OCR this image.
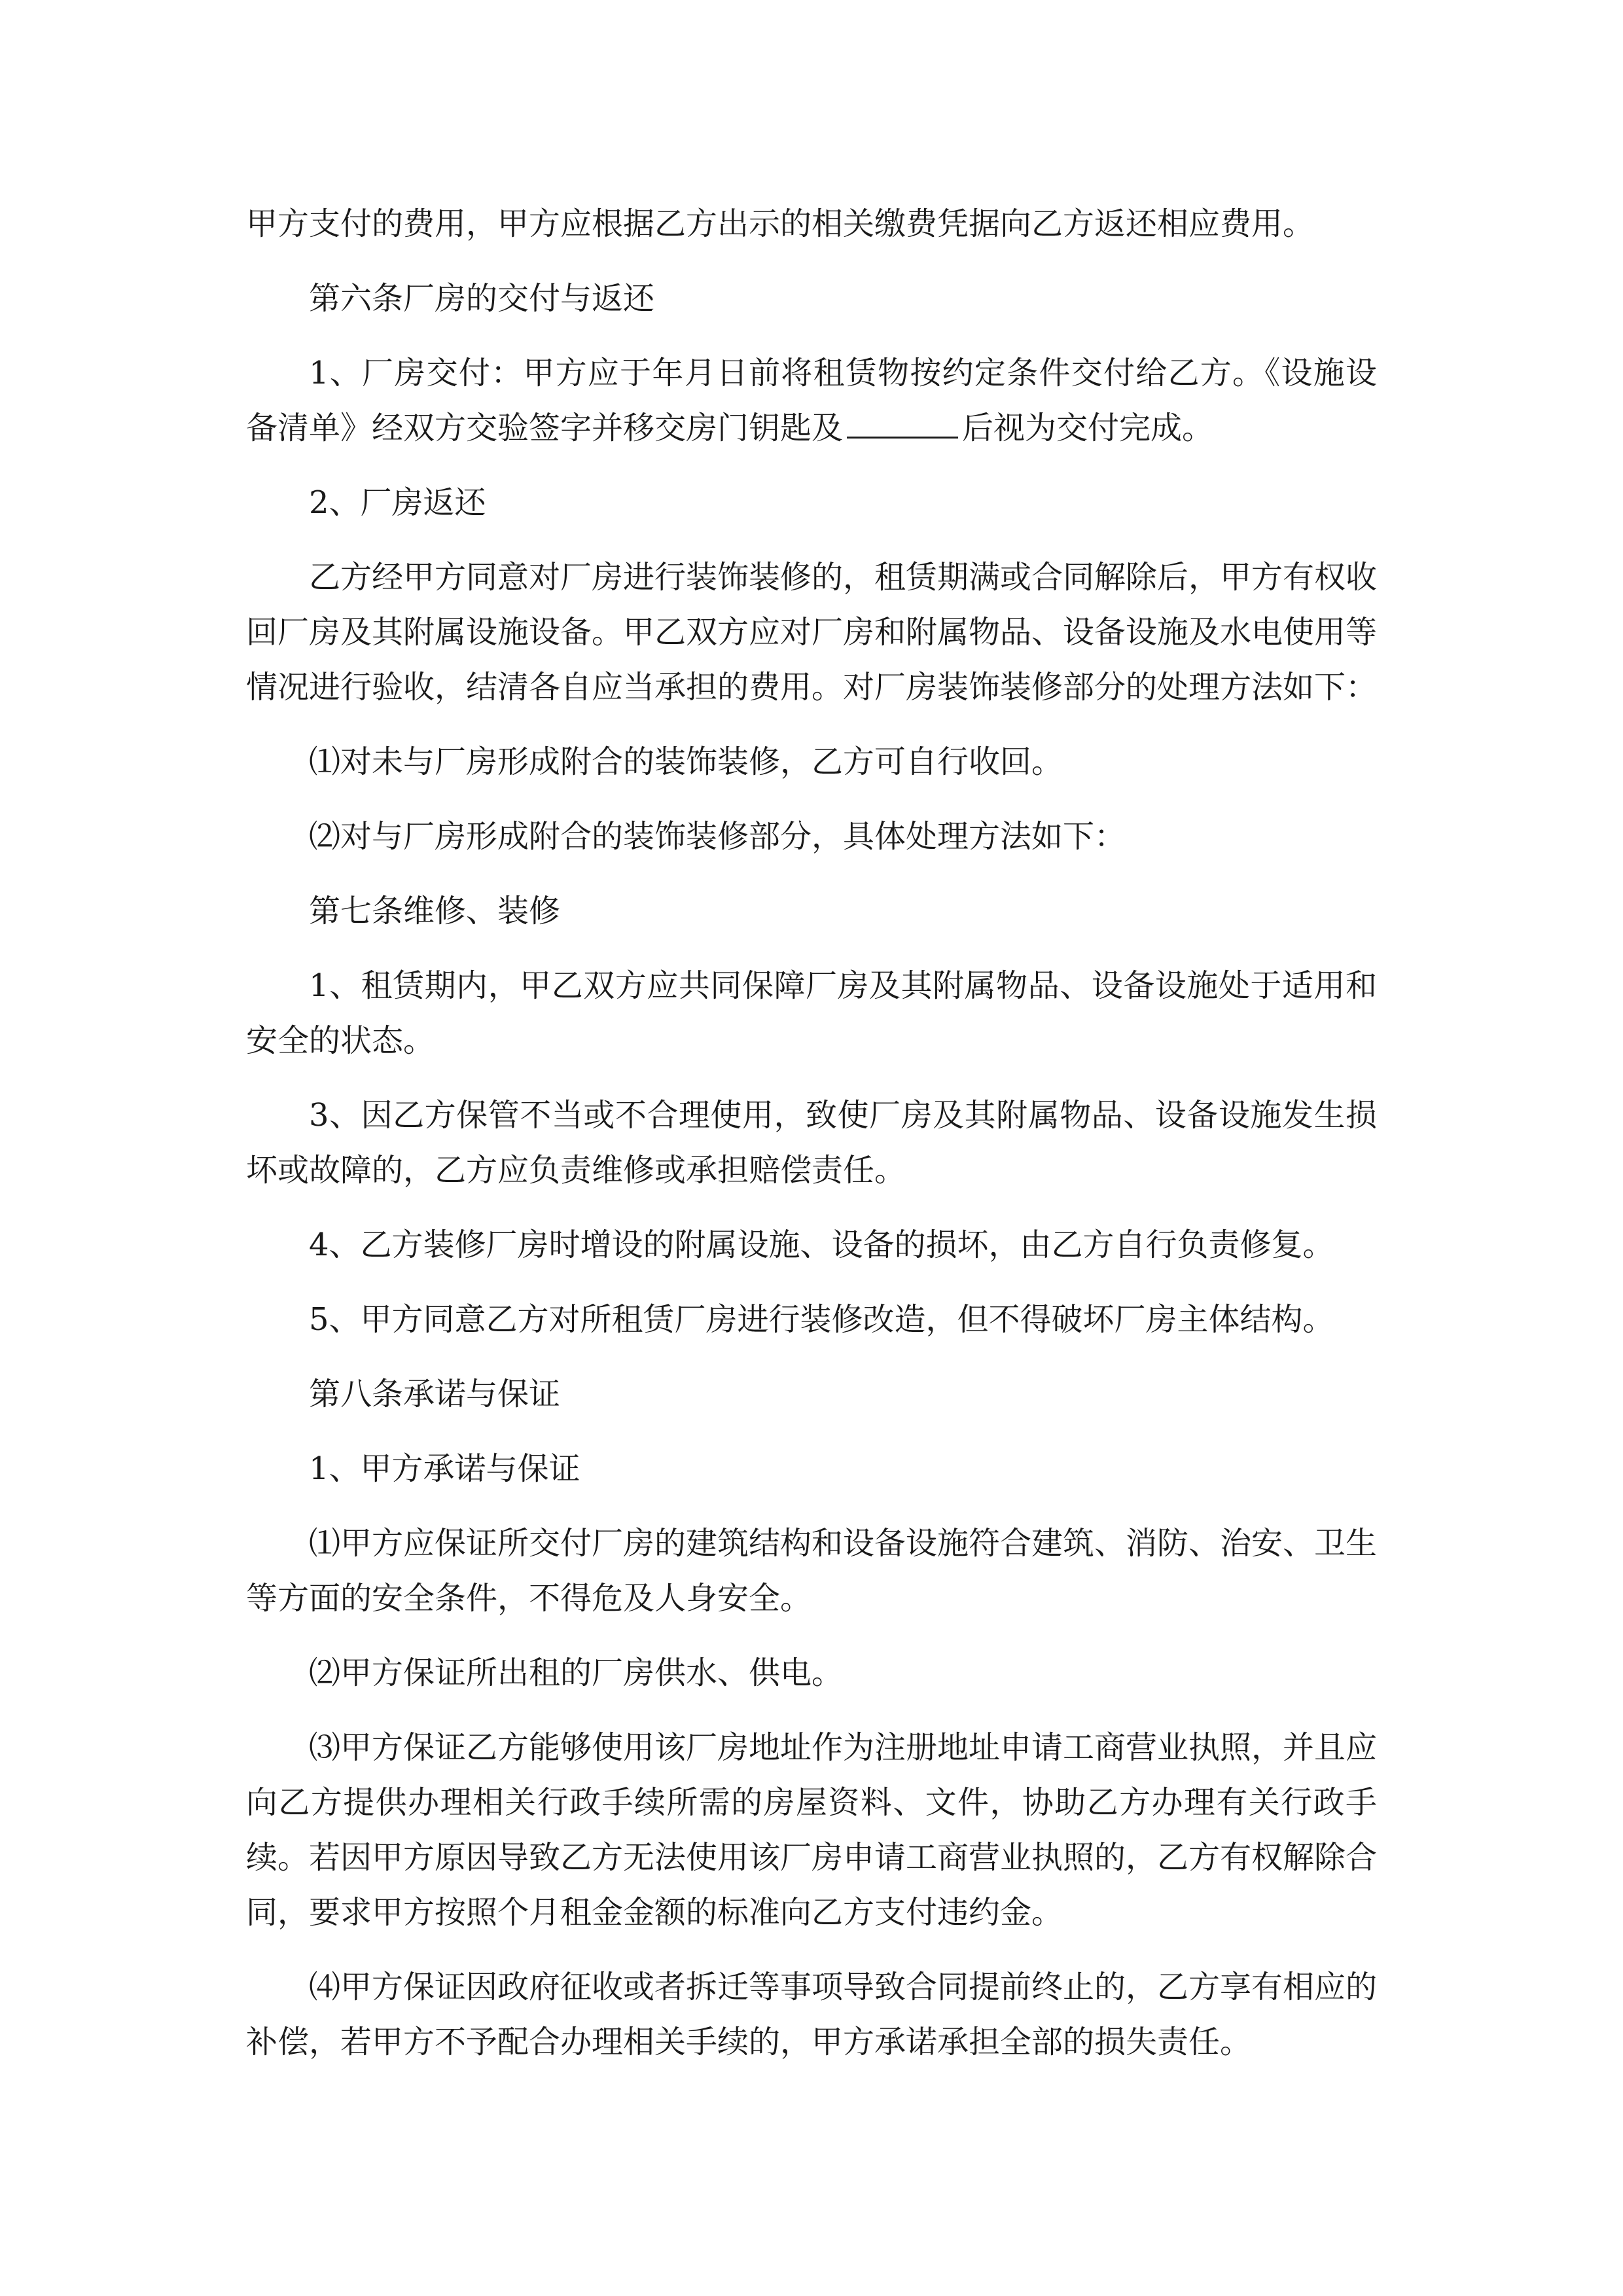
甲方支付的费用，甲方应根据乙方出示的相关缴费凭据向乙方返还相应费用。

第六条厂房的交付与返还

1、厂房交付：甲方应于年月日前将租赁物按约定条件交付给乙方。《设施设备清单》经双方交验签字并移交房门钥匙及	后视为交付完成。

2、厂房返还

乙方经甲方同意对厂房进行装饰装修的，租赁期满或合同解除后，甲方有权收回厂房及其附属设施设备。甲乙双方应对厂房和附属物品、设备设施及水电使用等情况进行验收，结清各自应当承担的费用。对厂房装饰装修部分的处理方法如下：

⑴对未与厂房形成附合的装饰装修，乙方可自行收回。

⑵对与厂房形成附合的装饰装修部分，具体处理方法如下：

第七条维修、装修

1、租赁期内，甲乙双方应共同保障厂房及其附属物品、设备设施处于适用和安全的状态。

3、因乙方保管不当或不合理使用，致使厂房及其附属物品、设备设施发生损坏或故障的，乙方应负责维修或承担赔偿责任。

4、乙方装修厂房时增设的附属设施、设备的损坏，由乙方自行负责修复。

5、甲方同意乙方对所租赁厂房进行装修改造，但不得破坏厂房主体结构。

第八条承诺与保证

1、甲方承诺与保证

⑴甲方应保证所交付厂房的建筑结构和设备设施符合建筑、消防、治安、卫生等方面的安全条件，不得危及人身安全。

⑵甲方保证所出租的厂房供水、供电。

⑶甲方保证乙方能够使用该厂房地址作为注册地址申请工商营业执照，并且应向乙方提供办理相关行政手续所需的房屋资料、文件，协助乙方办理有关行政手续。若因甲方原因导致乙方无法使用该厂房申请工商营业执照的，乙方有权解除合同，要求甲方按照个月租金金额的标准向乙方支付违约金。

⑷甲方保证因政府征收或者拆迁等事项导致合同提前终止的，乙方享有相应的补偿，若甲方不予配合办理相关手续的，甲方承诺承担全部的损失责任。
